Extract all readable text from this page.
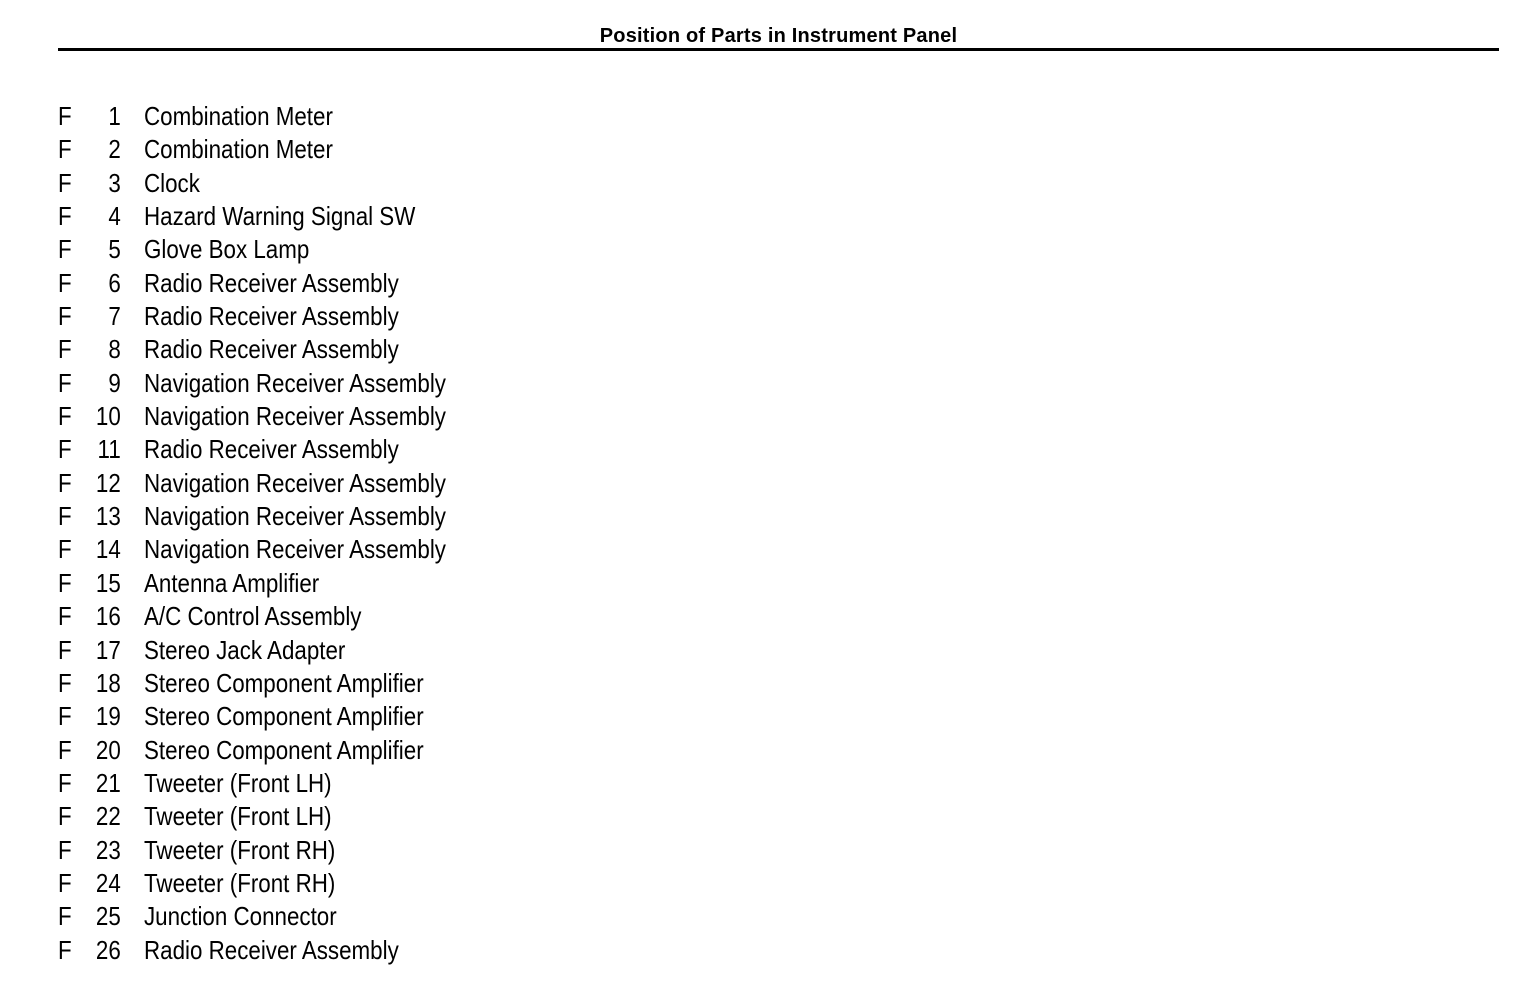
Position of Parts in Instrument Panel
F	1 Combination Meter
F	2 Combination Meter
F	3 Clock
F	4 Hazard Warning Signal SW
F	5 Glove Box Lamp
F	6 Radio Receiver Assembly
F	7 Radio Receiver Assembly
F	8 Radio Receiver Assembly
F	9 Navigation Receiver Assembly
F 10 Navigation Receiver Assembly
F 11 Radio Receiver Assembly
F 12 Navigation Receiver Assembly
F 13 Navigation Receiver Assembly
F 14 Navigation Receiver Assembly
F 15 Antenna Amplifier
F 16 A/C Control Assembly
F 17 Stereo Jack Adapter
F 18 Stereo Component Amplifier
F 19 Stereo Component Amplifier
F 20 Stereo Component Amplifier
F 21 Tweeter (Front LH)
F 22 Tweeter (Front LH)
F 23 Tweeter (Front RH)
F 24 Tweeter (Front RH)
F 25 Junction Connector
F 26 Radio Receiver Assembly
